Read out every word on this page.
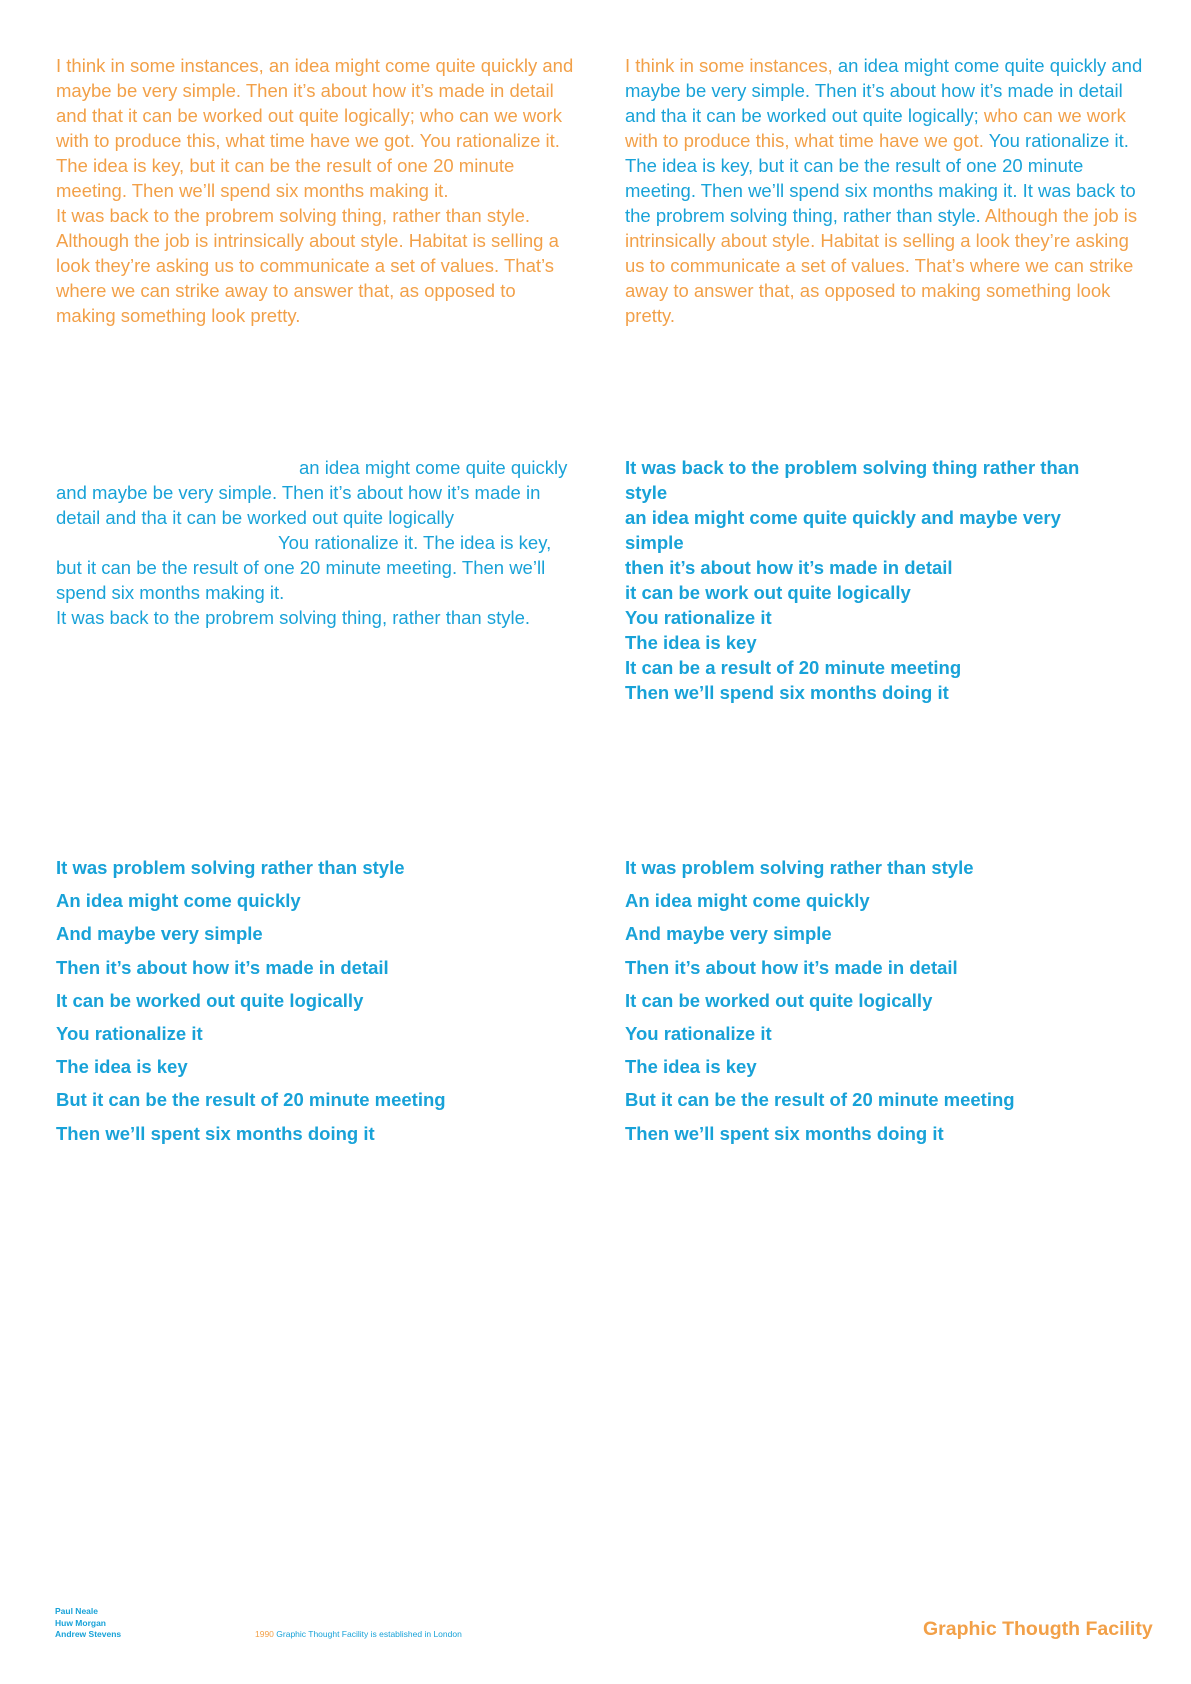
I think in some instances, an idea might come quite quickly and maybe be very simple. Then it’s about how it’s made in detail and that it can be worked out quite logically; who can we work with to produce this, what time have we got. You rationalize it. The idea is key, but it can be the result of one 20 minute meeting. Then we’ll spend six months making it.
It was back to the probrem solving thing, rather than style. Although the job is intrinsically about style. Habitat is selling a look they’re asking us to communicate a set of values. That’s where we can strike away to answer that, as opposed to making something look pretty.
I think in some instances, an idea might come quite quickly and maybe be very simple. Then it’s about how it’s made in detail and tha it can be worked out quite logically; who can we work with to produce this, what time have we got. You rationalize it. The idea is key, but it can be the result of one 20 minute meeting. Then we’ll spend six months making it. It was back to the probrem solving thing, rather than style. Although the job is intrinsically about style. Habitat is selling a look they’re asking us to communicate a set of values. That’s where we can strike away to answer that, as opposed to making something look pretty.
an idea might come quite quickly and maybe be very simple. Then it’s about how it’s made in detail and tha it can be worked out quite logically
You rationalize it. The idea is key, but it can be the result of one 20 minute meeting. Then we’ll spend six months making it.
It was back to the probrem solving thing, rather than style.
It was back to the problem solving thing rather than style
an idea might come quite quickly and maybe very simple
then it’s about how it’s made in detail
it can be work out quite logically
You rationalize it
The idea is key
It can be a result of 20 minute meeting
Then we’ll spend six months doing it
It was problem solving rather than style
An idea might come quickly
And maybe very simple
Then it’s about how it’s made in detail
It can be worked out quite logically
You rationalize it
The idea is key
But it can be the result of 20 minute meeting
Then we’ll spent six months doing it
It was problem solving rather than style
An idea might come quickly
And maybe very simple
Then it’s about how it’s made in detail
It can be worked out quite logically
You rationalize it
The idea is key
But it can be the result of 20 minute meeting
Then we’ll spent six months doing it
Paul Neale
Huw Morgan
Andrew Stevens	1990 Graphic Thought Facility is established in London	Graphic Thougth Facility
